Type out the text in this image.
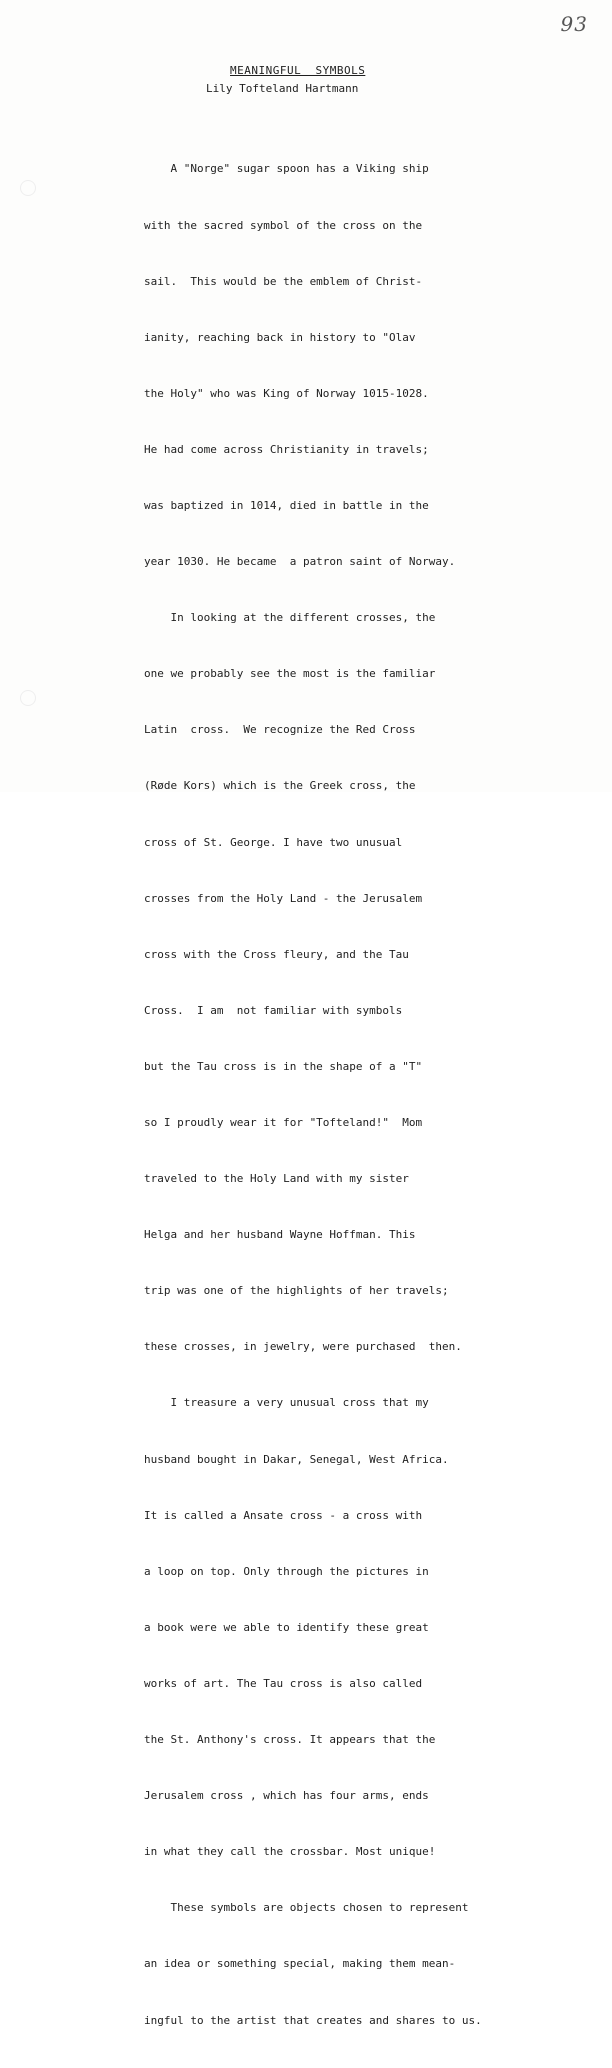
93
MEANINGFUL  SYMBOLS
Lily Tofteland Hartmann

A "Norge" sugar spoon has a Viking ship

with the sacred symbol of the cross on the

sail.  This would be the emblem of Christ-

ianity, reaching back in history to "Olav

the Holy" who was King of Norway 1015-1028.

He had come across Christianity in travels;

was baptized in 1014, died in battle in the

year 1030. He became  a patron saint of Norway.

In looking at the different crosses, the

one we probably see the most is the familiar

Latin  cross.  We recognize the Red Cross

(Røde Kors) which is the Greek cross, the

cross of St. George. I have two unusual

crosses from the Holy Land - the Jerusalem

cross with the Cross fleury, and the Tau

Cross.  I am  not familiar with symbols

but the Tau cross is in the shape of a "T"

so I proudly wear it for "Tofteland!"  Mom

traveled to the Holy Land with my sister

Helga and her husband Wayne Hoffman. This

trip was one of the highlights of her travels;

these crosses, in jewelry, were purchased  then.

I treasure a very unusual cross that my

husband bought in Dakar, Senegal, West Africa.

It is called a Ansate cross - a cross with

a loop on top. Only through the pictures in

a book were we able to identify these great

works of art. The Tau cross is also called

the St. Anthony's cross. It appears that the

Jerusalem cross , which has four arms, ends

in what they call the crossbar. Most unique!

These symbols are objects chosen to represent

an idea or something special, making them mean-

ingful to the artist that creates and shares to us.
